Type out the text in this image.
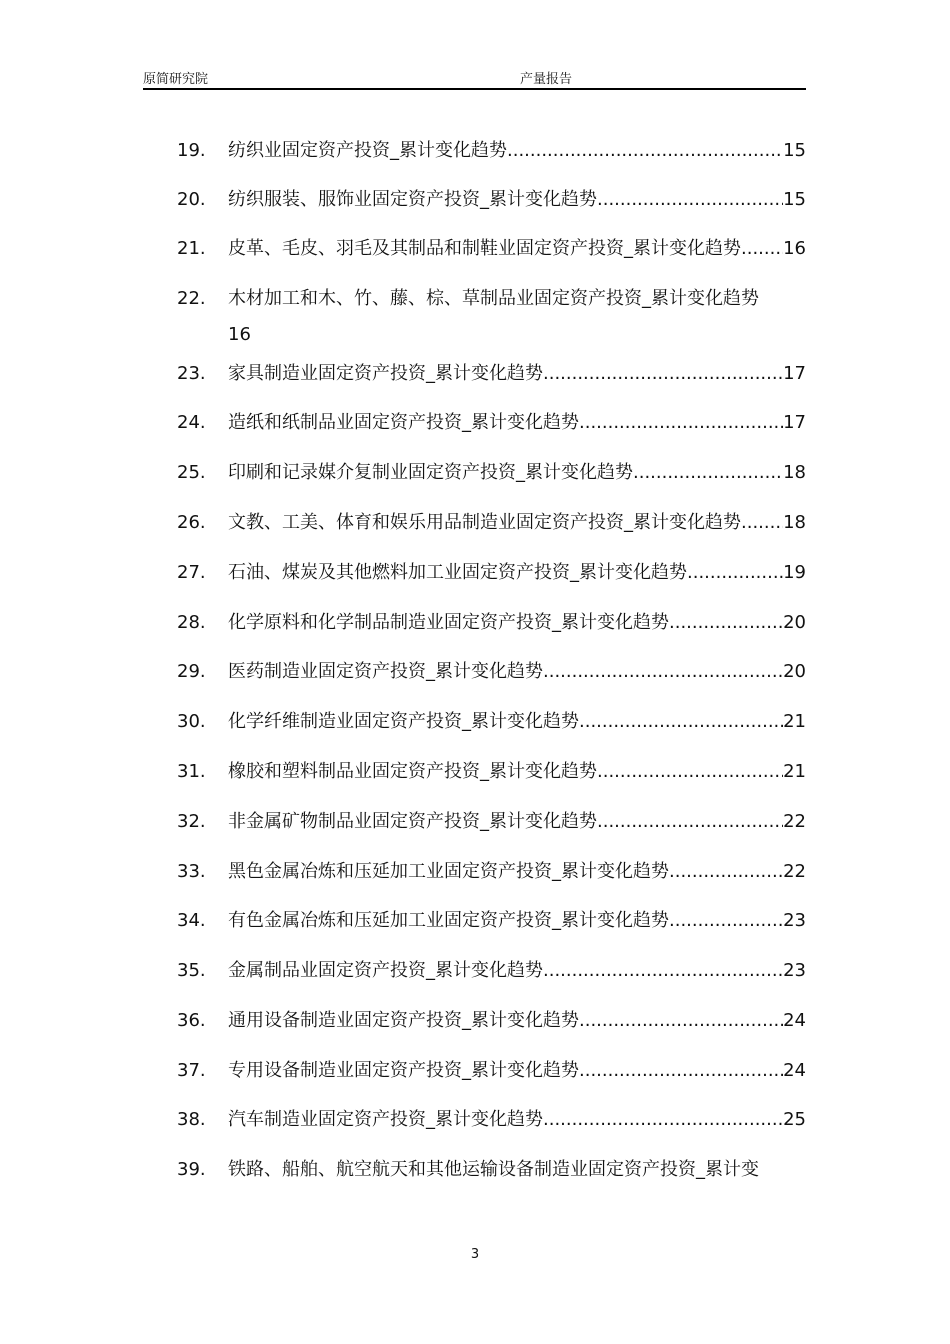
原简研究院	产量报告
19.	纺织业固定资产投资_累计变化趋势 .....	15
20.	纺织服装、服饰业固定资产投资_累计变化趋势 .....	15
21.	皮革、毛皮、羽毛及其制品和制鞋业固定资产投资_累计变化趋势 ..... 16
22.	木材加工和木、竹、藤、棕、草制品业固定资产投资_累计变化趋势
16
23.	家具制造业固定资产投资_累计变化趋势 .....	17
24.	造纸和纸制品业固定资产投资_累计变化趋势 .....	17
25.	印刷和记录媒介复制业固定资产投资_累计变化趋势 .....	18
26.	文教、工美、体育和娱乐用品制造业固定资产投资_累计变化趋势 ..... 18
27.	石油、煤炭及其他燃料加工业固定资产投资_累计变化趋势 .....	19
28.	化学原料和化学制品制造业固定资产投资_累计变化趋势 .....	20
29.	医药制造业固定资产投资_累计变化趋势 .....	20
30.	化学纤维制造业固定资产投资_累计变化趋势 .....	21
31.	橡胶和塑料制品业固定资产投资_累计变化趋势 .....	21
32.	非金属矿物制品业固定资产投资_累计变化趋势 .....	22
33.	黑色金属冶炼和压延加工业固定资产投资_累计变化趋势 .....	22
34.	有色金属冶炼和压延加工业固定资产投资_累计变化趋势 .....	23
35.	金属制品业固定资产投资_累计变化趋势 .....	23
36.	通用设备制造业固定资产投资_累计变化趋势 .....	24
37.	专用设备制造业固定资产投资_累计变化趋势 .....	24
38.	汽车制造业固定资产投资_累计变化趋势 .....	25
39.	铁路、船舶、航空航天和其他运输设备制造业固定资产投资_累计变
3
